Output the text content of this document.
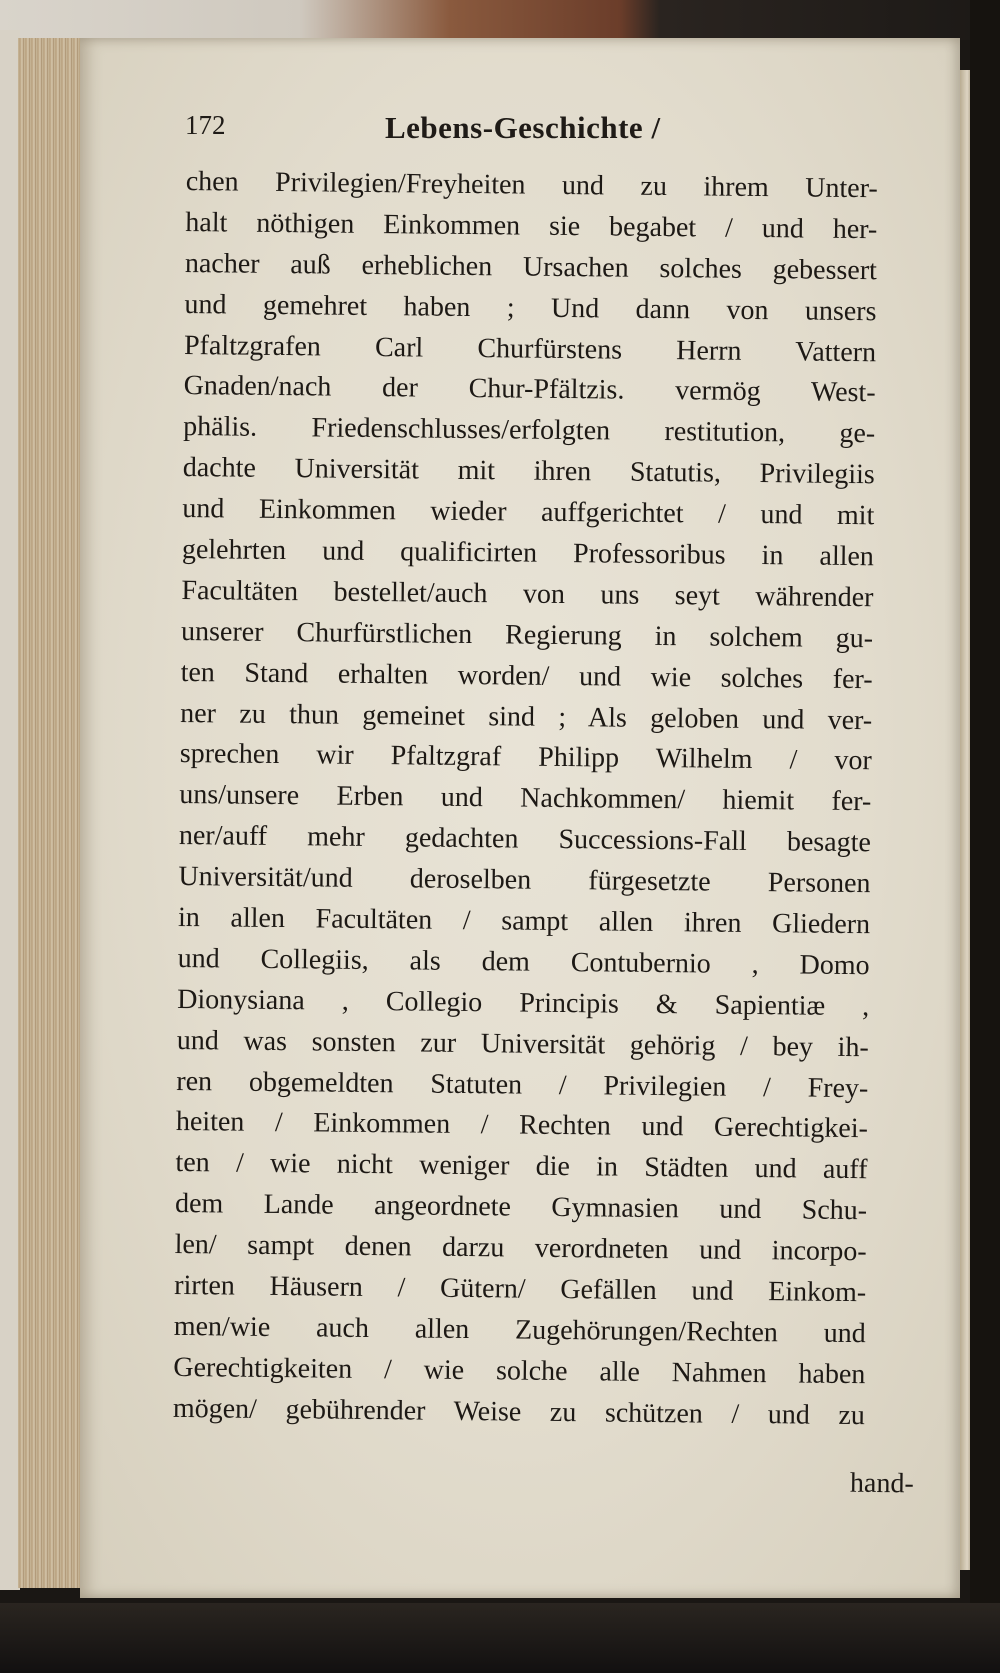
172	Lebens-Geschichte /
chen Privilegien/Freyheiten und zu ihrem Unter-
halt nöthigen Einkommen sie begabet / und her-
nacher auß erheblichen Ursachen solches gebessert
und gemehret haben ; Und dann von unsers
Pfaltzgrafen Carl Churfürstens Herrn Vattern
Gnaden/nach der Chur-Pfältzis. vermög West-
phälis. Friedenschlusses/erfolgten restitution, ge-
dachte Universität mit ihren Statutis, Privilegiis
und Einkommen wieder auffgerichtet / und mit
gelehrten und qualificirten Professoribus in allen
Facultäten bestellet/auch von uns seyt währender
unserer Churfürstlichen Regierung in solchem gu-
ten Stand erhalten worden/ und wie solches fer-
ner zu thun gemeinet sind ; Als geloben und ver-
sprechen wir Pfaltzgraf Philipp Wilhelm / vor
uns/unsere Erben und Nachkommen/ hiemit fer-
ner/auff mehr gedachten Successions-Fall besagte
Universität/und deroselben fürgesetzte Personen
in allen Facultäten / sampt allen ihren Gliedern
und Collegiis, als dem Contubernio , Domo
Dionysiana , Collegio Principis & Sapientiæ ,
und was sonsten zur Universität gehörig / bey ih-
ren obgemeldten Statuten / Privilegien / Frey-
heiten / Einkommen / Rechten und Gerechtigkei-
ten / wie nicht weniger die in Städten und auff
dem Lande angeordnete Gymnasien und Schu-
len/ sampt denen darzu verordneten und incorpo-
rirten Häusern / Gütern/ Gefällen und Einkom-
men/wie auch allen Zugehörungen/Rechten und
Gerechtigkeiten / wie solche alle Nahmen haben
mögen/ gebührender Weise zu schützen / und zu
hand-
